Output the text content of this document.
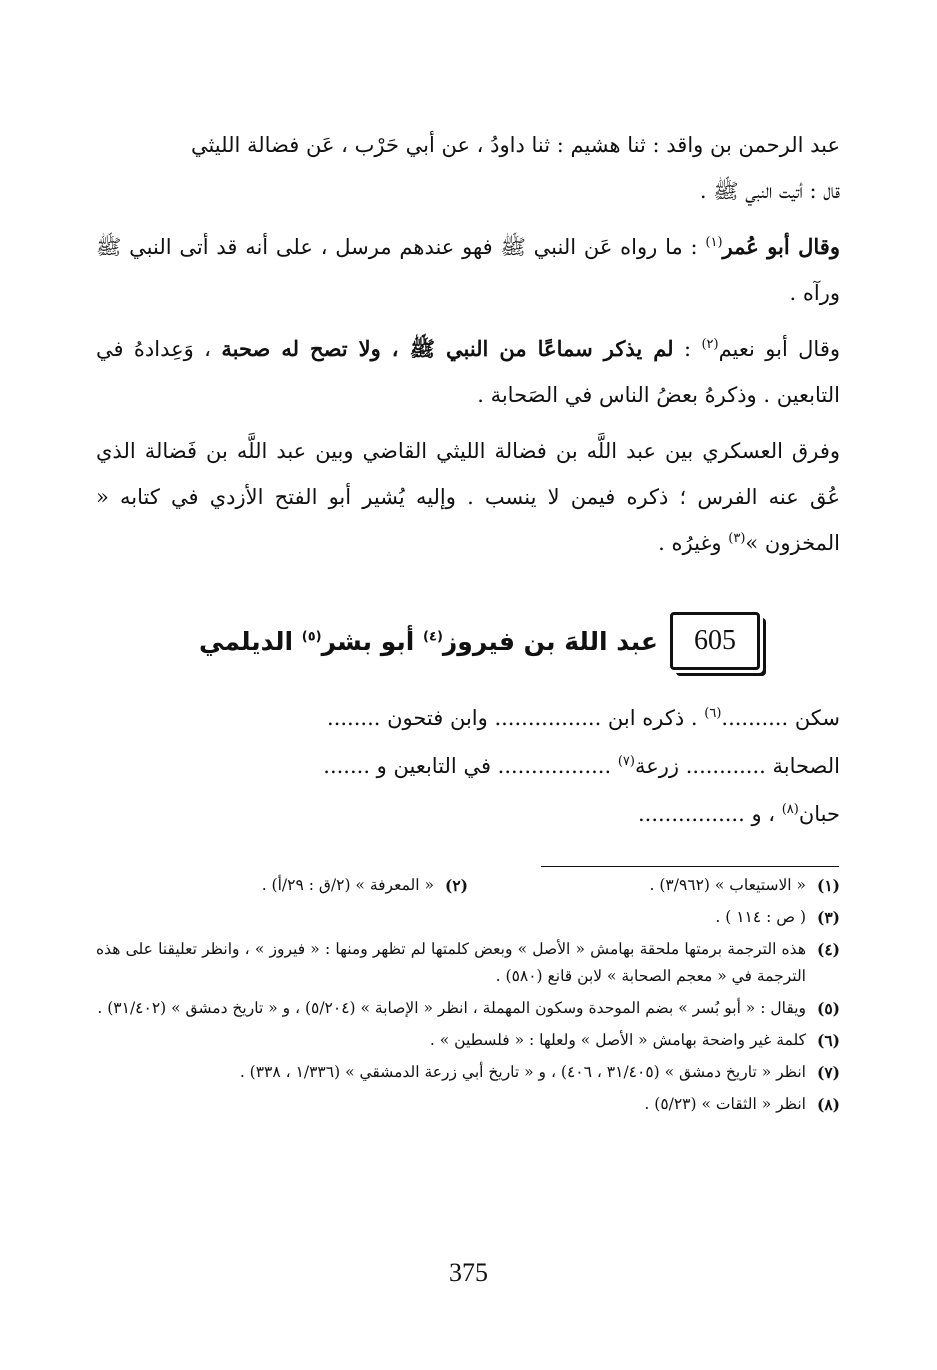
عبد الرحمن بن واقد : ثنا هشيم : ثنا داودُ ، عن أبي حَرْب ، عَن فضالة الليثي

قال : أتيت النبي ﷺ .

وقال أبو عُمر$^{(١)}$ : ما رواه عَن النبي ﷺ فهو عندهم مرسل ، على أنه قد أتى النبي ﷺ ورآه .

وقال أبو نعيم$^{(٢)}$ : لم يذكر سماعًا من النبي ﷺ ، ولا تصح له صحبة ، وَعِدادهُ في التابعين . وذكرهُ بعضُ الناس في الصَحابة .

وفرق العسكري بين عبد اللَّه بن فضالة الليثي القاضي وبين عبد اللَّه بن فَضالة الذي عُق عنه الفرس ؛ ذكره فيمن لا ينسب . وإليه يُشير أبو الفتح الأزدي في كتابه « المخزون »$^{(٣)}$ وغيرُه .

605
عبد اللهَ بن فيروز$^{(٤)}$ أبو بشر$^{(٥)}$ الديلمي

سكن ..........$^{(٦)}$ . ذكره ابن ................ وابن فتحون ........

الصحابة ............ زرعة$^{(٧)}$ ................. في التابعين و .......

حبان$^{(٨)}$ ، و ................

(١)
« الاستيعاب » (٣/٩٦٢) .
(٢)
« المعرفة » (٢/ق : ٢٩/أ) .
(٣)
( ص : ١١٤ ) .
(٤)
هذه الترجمة برمتها ملحقة بهامش « الأصل » وبعض كلمتها لم تظهر ومنها : « فيروز » ، وانظر تعليقنا على هذه الترجمة في « معجم الصحابة » لابن قانع (٥٨٠) .
(٥)
ويقال : « أبو بُسر » بضم الموحدة وسكون المهملة ، انظر « الإصابة » (٥/٢٠٤) ، و « تاريخ دمشق » (٣١/٤٠٢) .
(٦)
كلمة غير واضحة بهامش « الأصل » ولعلها : « فلسطين » .
(٧)
انظر « تاريخ دمشق » (٣١/٤٠٥ ، ٤٠٦) ، و « تاريخ أبي زرعة الدمشقي » (١/٣٣٦ ، ٣٣٨) .
(٨)
انظر « الثقات » (٥/٢٣) .
375
